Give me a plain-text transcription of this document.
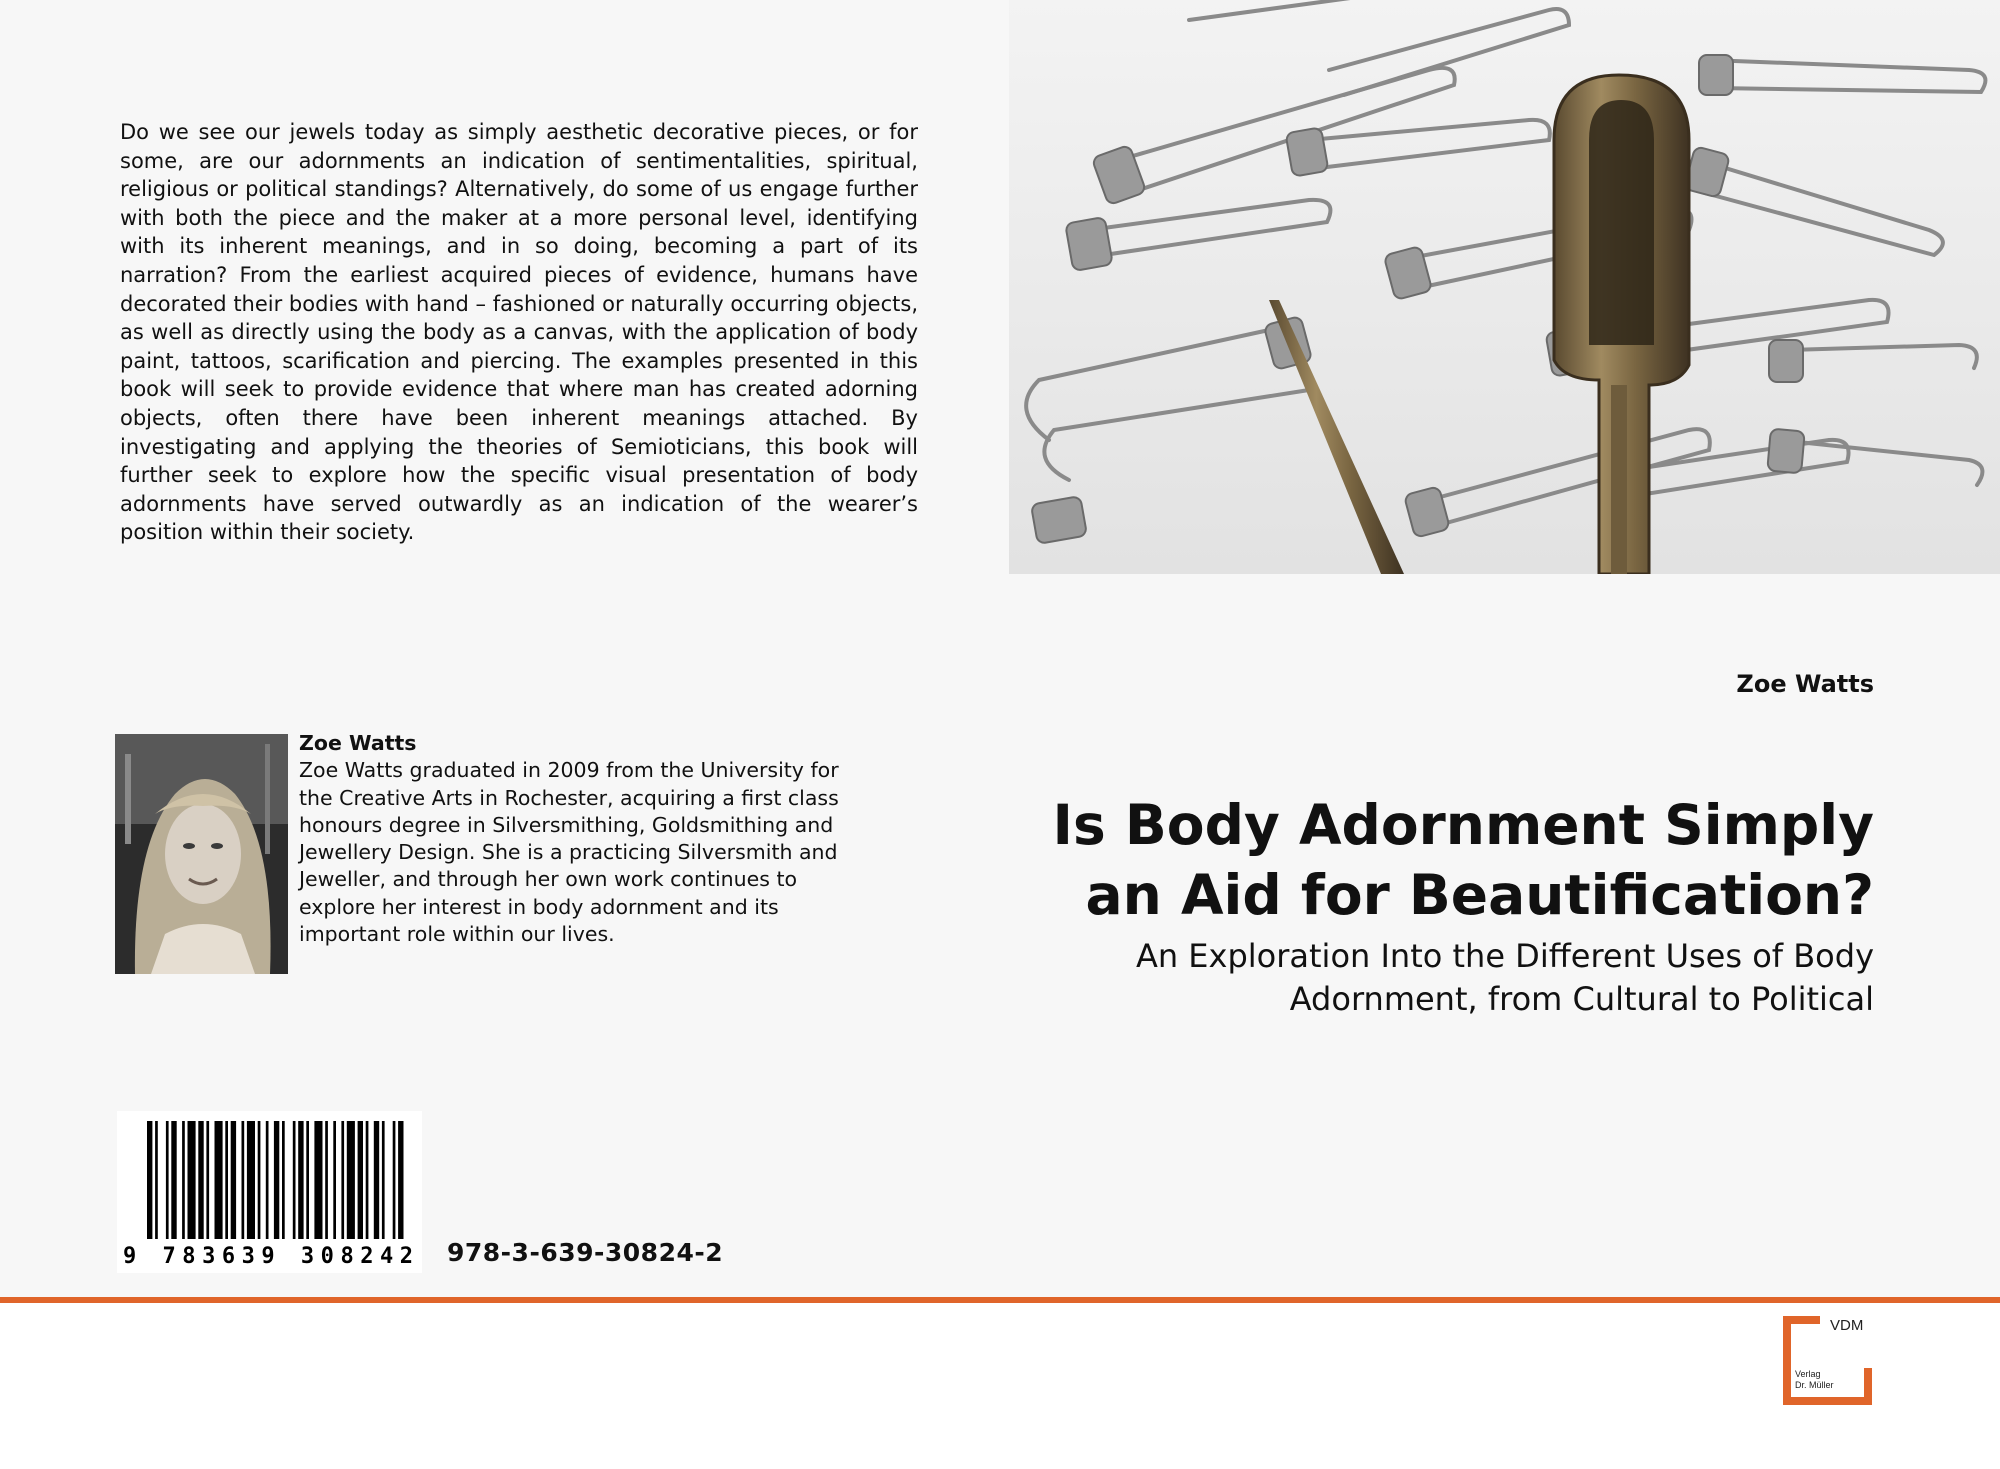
Do we see our jewels today as simply aesthetic decorative pieces, or for some, are our adornments an indication of sentimentalities, spiritual, religious or political standings? Alternatively, do some of us engage further with both the piece and the maker at a more personal level, identifying with its inherent meanings, and in so doing, becoming a part of its narration? From the earliest acquired pieces of evidence, humans have decorated their bodies with hand – fashioned or naturally occurring objects, as well as directly using the body as a canvas, with the application of body paint, tattoos, scarification and piercing. The examples presented in this book will seek to provide evidence that where man has created adorning objects, often there have been inherent meanings attached. By investigating and applying the theories of Semioticians, this book will further seek to explore how the specific visual presentation of body adornments have served outwardly as an indication of the wearer’s position within their society.

Zoe Watts

Is Body Adornment Simply
an Aid for Beautification?

An Exploration Into the Different Uses of Body
Adornment, from Cultural to Political

Zoe Watts
Zoe Watts graduated in 2009 from the University for the Creative Arts in Rochester, acquiring a first class honours degree in Silversmithing, Goldsmithing and Jewellery Design. She is a practicing Silversmith and Jeweller, and through her own work continues to explore her interest in body adornment and its important role within our lives.

9 783639 308242 978-3-639-30824-2

VDM
Verlag
Dr. Müller
